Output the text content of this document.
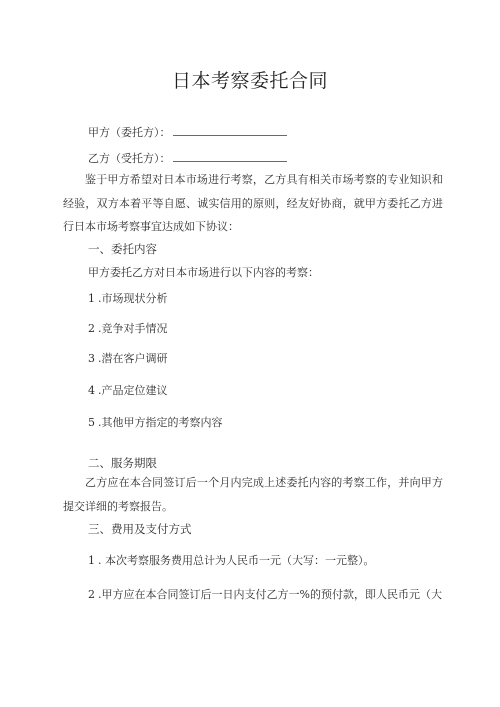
日本考察委托合同
甲方（委托方）：
乙方（受托方）：
鉴于甲方希望对日本市场进行考察，乙方具有相关市场考察的专业知识和经验，双方本着平等自愿、诚实信用的原则，经友好协商，就甲方委托乙方进行日本市场考察事宜达成如下协议：
一、委托内容
甲方委托乙方对日本市场进行以下内容的考察：
1 .市场现状分析
2 .竞争对手情况
3 .潜在客户调研
4 .产品定位建议
5 .其他甲方指定的考察内容
二、服务期限
乙方应在本合同签订后一个月内完成上述委托内容的考察工作，并向甲方提交详细的考察报告。
三、费用及支付方式
1 . 本次考察服务费用总计为人民币一元（大写：一元整）。
2 .甲方应在本合同签订后一日内支付乙方一%的预付款，即人民币元（大
